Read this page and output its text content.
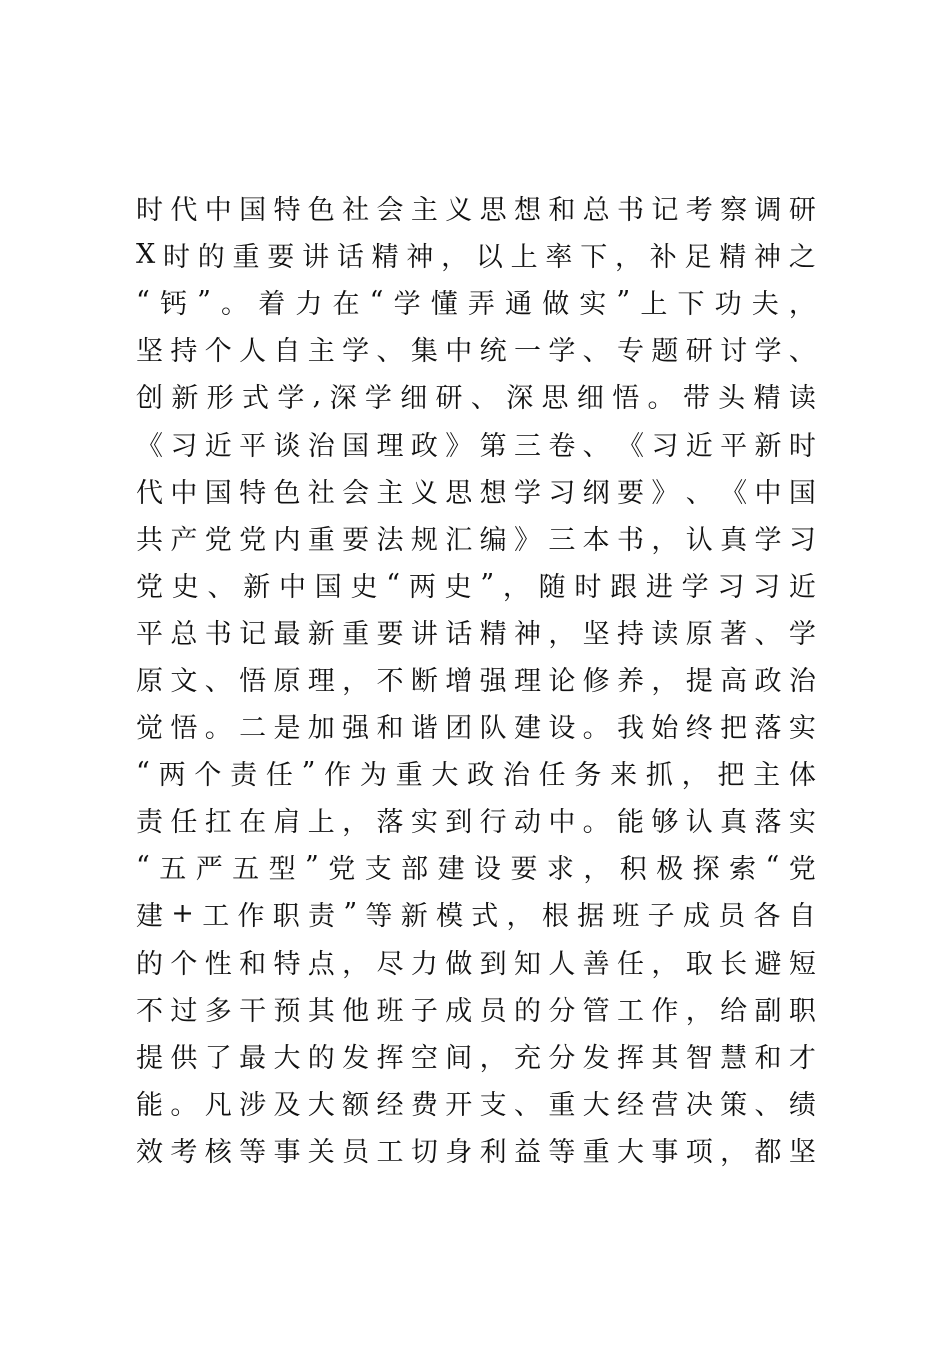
时 代 中 国 特 色 社 会 主 义 思 想 和 总 书 记 考 察 调 研
X 时 的 重 要 讲 话 精 神 ， 以 上 率 下 ， 补 足 精 神 之
“ 钙 ” 。 着 力 在 “ 学 懂 弄 通 做 实 ” 上 下 功 夫 ，
坚 持 个 人 自 主 学 、 集 中 统 一 学 、 专 题 研 讨 学 、
创 新 形 式 学 , 深 学 细 研 、 深 思 细 悟 。 带 头 精 读
《 习 近 平 谈 治 国 理 政 》 第 三 卷 、 《 习 近 平 新 时
代 中 国 特 色 社 会 主 义 思 想 学 习 纲 要 》 、 《 中 国
共 产 党 党 内 重 要 法 规 汇 编 》 三 本 书 ， 认 真 学 习
党 史 、 新 中 国 史 “ 两 史 ” ， 随 时 跟 进 学 习 习 近
平 总 书 记 最 新 重 要 讲 话 精 神 ， 坚 持 读 原 著 、 学
原 文 、 悟 原 理 ， 不 断 增 强 理 论 修 养 ， 提 高 政 治
觉 悟 。 二 是 加 强 和 谐 团 队 建 设 。 我 始 终 把 落 实
“ 两 个 责 任 ” 作 为 重 大 政 治 任 务 来 抓 ， 把 主 体
责 任 扛 在 肩 上 ， 落 实 到 行 动 中 。 能 够 认 真 落 实
“ 五 严 五 型 ” 党 支 部 建 设 要 求 ， 积 极 探 索 “ 党
建 + 工 作 职 责 ” 等 新 模 式 ， 根 据 班 子 成 员 各 自
的 个 性 和 特 点 ， 尽 力 做 到 知 人 善 任 ， 取 长 避 短
不 过 多 干 预 其 他 班 子 成 员 的 分 管 工 作 ， 给 副 职
提 供 了 最 大 的 发 挥 空 间 ， 充 分 发 挥 其 智 慧 和 才
能 。 凡 涉 及 大 额 经 费 开 支 、 重 大 经 营 决 策 、 绩
效 考 核 等 事 关 员 工 切 身 利 益 等 重 大 事 项 ， 都 坚
